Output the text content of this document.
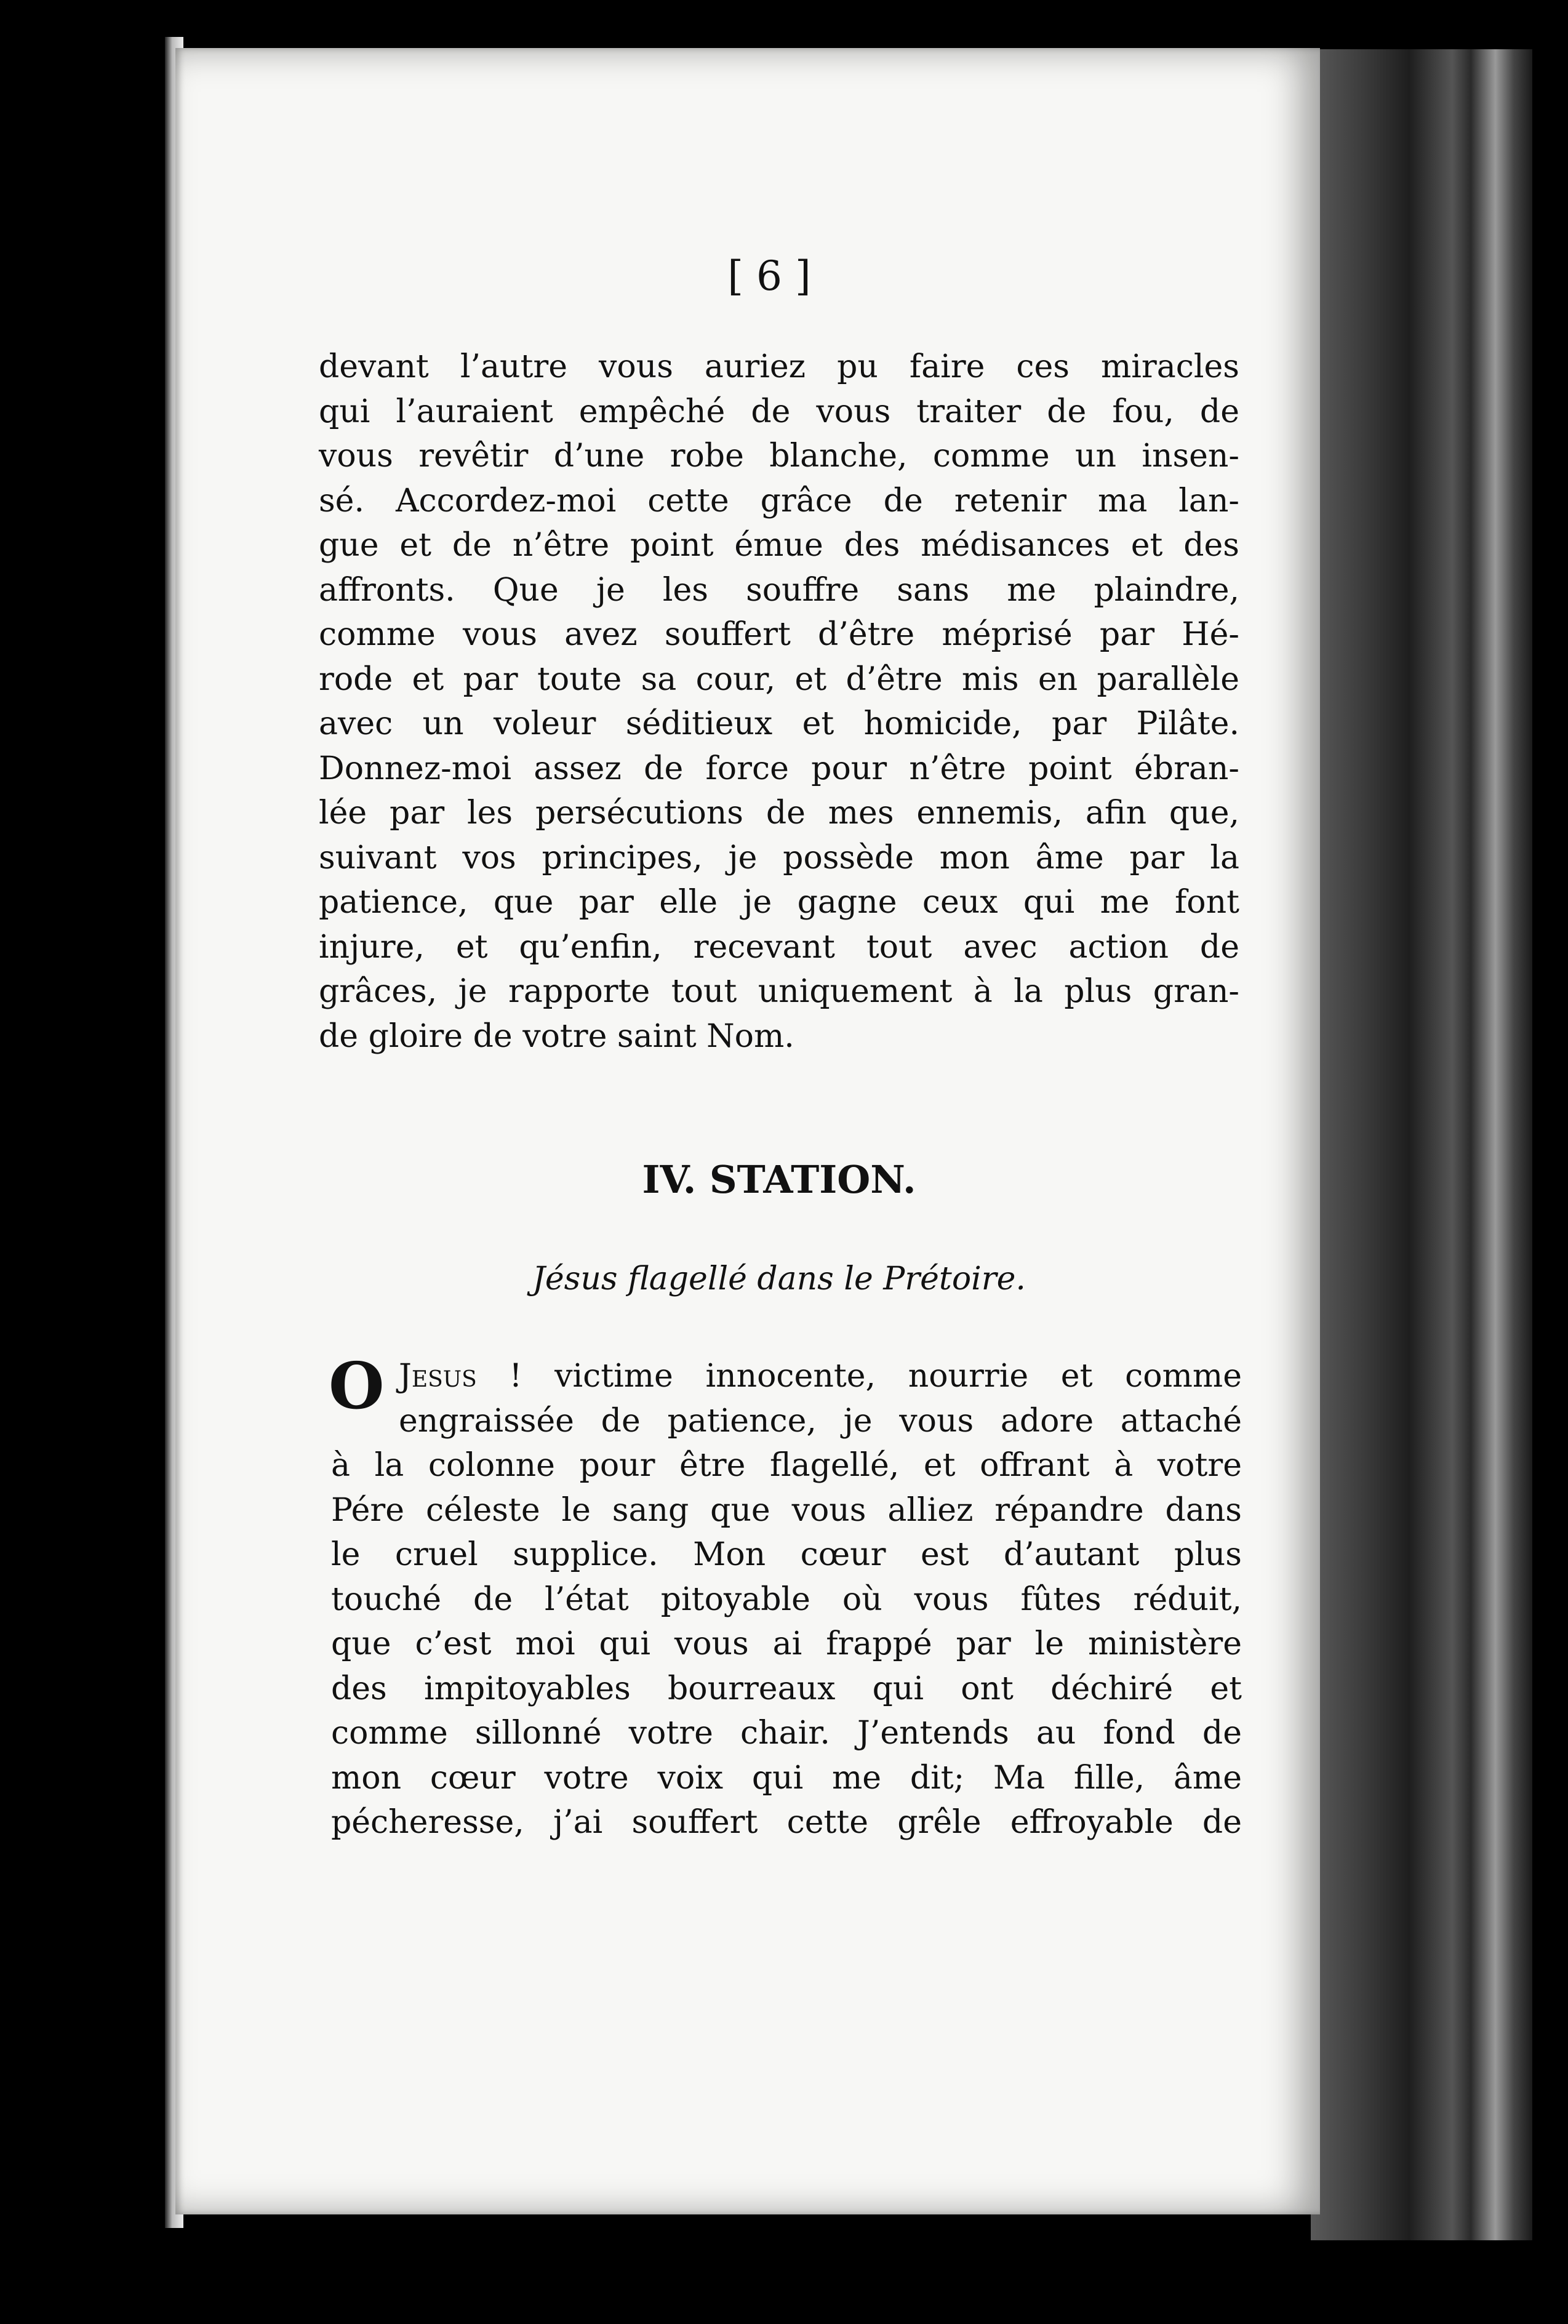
[ 6 ]
devant l’autre vous auriez pu faire ces miracles
qui l’auraient empêché de vous traiter de fou, de
vous revêtir d’une robe blanche, comme un insen-
sé. Accordez-moi cette grâce de retenir ma lan-
gue et de n’être point émue des médisances et des
affronts. Que je les souffre sans me plaindre,
comme vous avez souffert d’être méprisé par Hé-
rode et par toute sa cour, et d’être mis en parallèle
avec un voleur séditieux et homicide, par Pilâte.
Donnez-moi assez de force pour n’être point ébran-
lée par les persécutions de mes ennemis, afin que,
suivant vos principes, je possède mon âme par la
patience, que par elle je gagne ceux qui me font
injure, et qu’enfin, recevant tout avec action de
grâces, je rapporte tout uniquement à la plus gran-
de gloire de votre saint Nom.
IV. STATION.
Jésus flagellé dans le Prétoire.
O Jesus ! victime innocente, nourrie et comme
engraissée de patience, je vous adore attaché
à la colonne pour être flagellé, et offrant à votre
Pére céleste le sang que vous alliez répandre dans
le cruel supplice. Mon cœur est d’autant plus
touché de l’état pitoyable où vous fûtes réduit,
que c’est moi qui vous ai frappé par le ministère
des impitoyables bourreaux qui ont déchiré et
comme sillonné votre chair. J’entends au fond de
mon cœur votre voix qui me dit; Ma fille, âme
pécheresse, j’ai souffert cette grêle effroyable de
